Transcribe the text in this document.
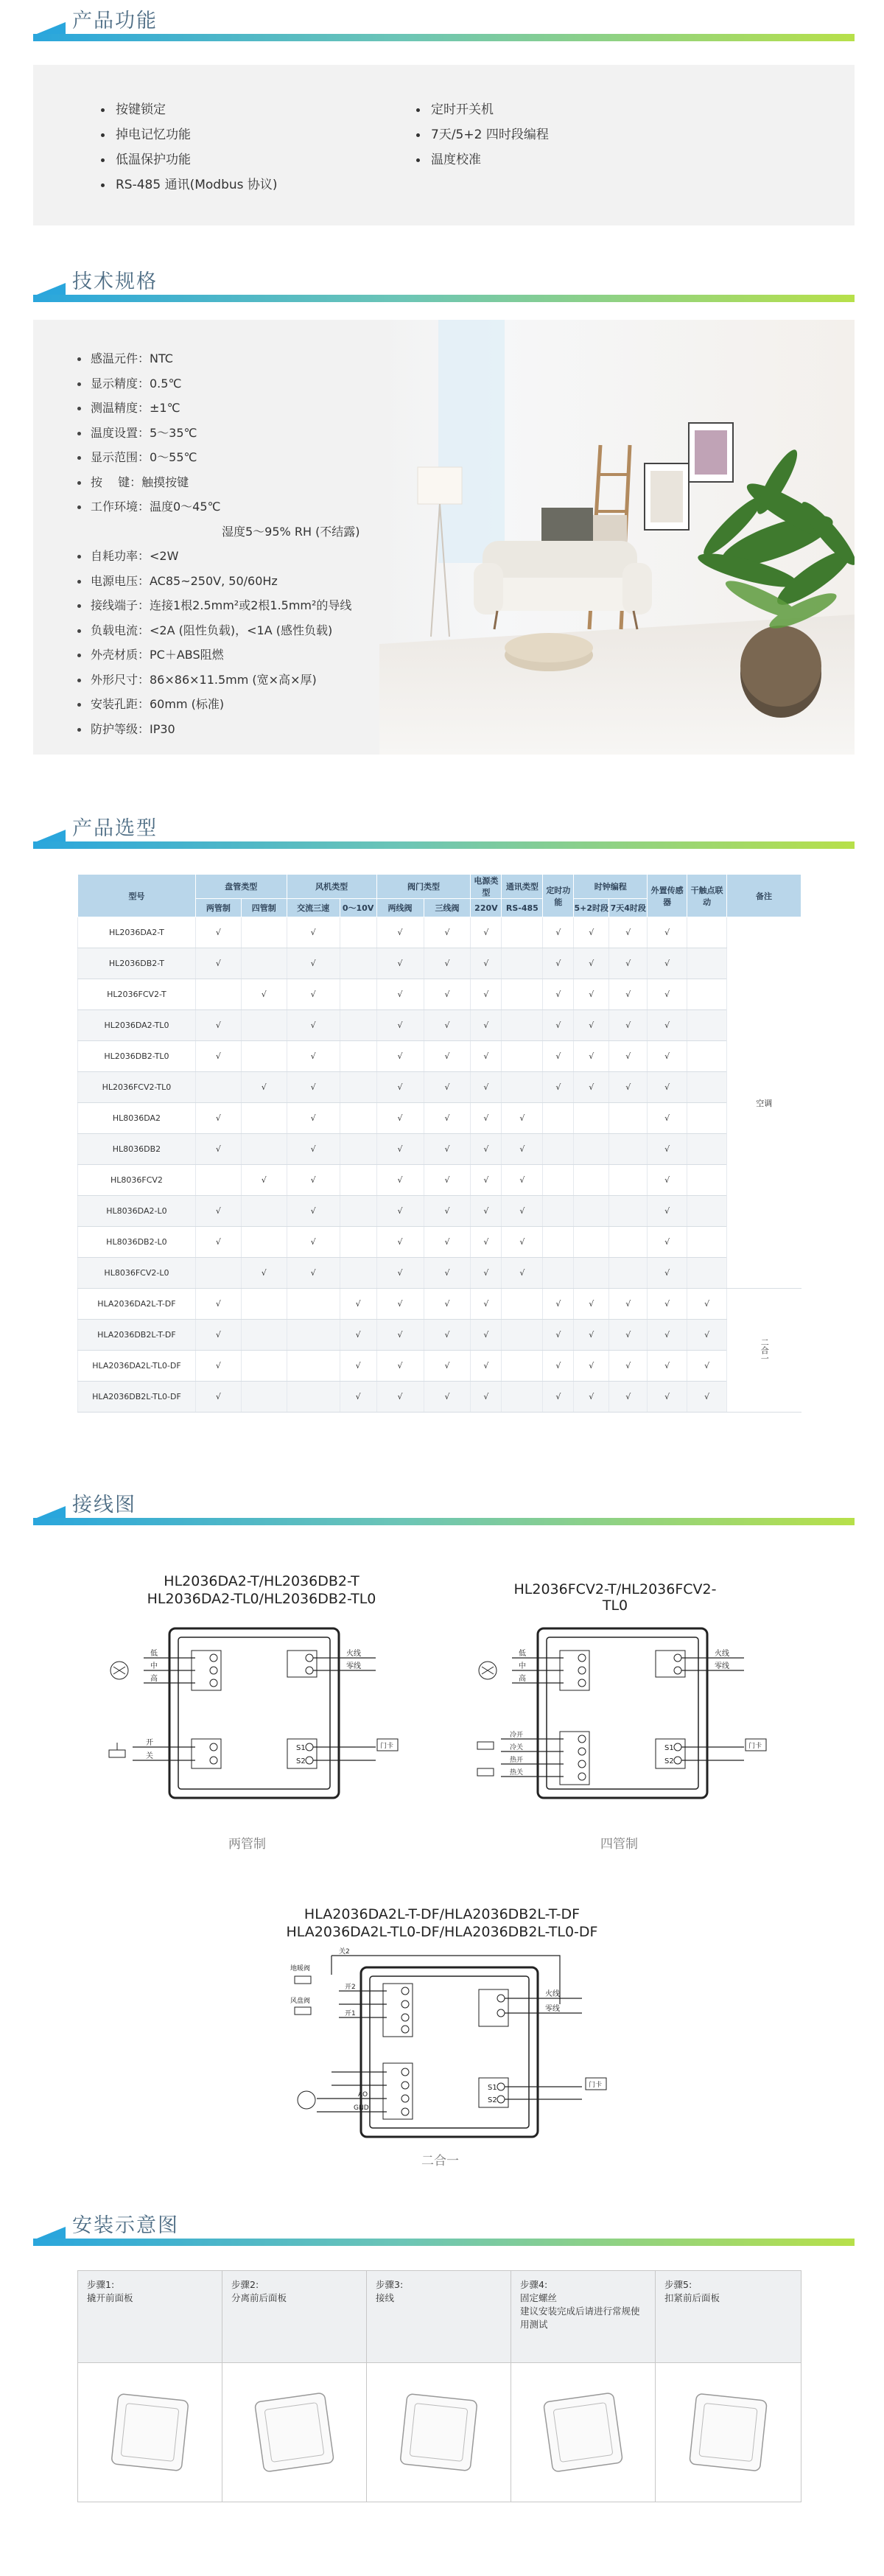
产品功能
按键锁定
掉电记忆功能
低温保护功能
RS-485 通讯(Modbus 协议)
定时开关机
7天/5+2 四时段编程
温度校准
技术规格
感温元件：NTC
显示精度：0.5℃
测温精度：±1℃
温度设置：5〜35℃
显示范围：0〜55℃
按　 键：触摸按键
工作环境：温度0〜45℃
湿度5〜95% RH (不结露)
自耗功率：<2W
电源电压：AC85~250V, 50/60Hz
接线端子：连接1根2.5mm²或2根1.5mm²的导线
负载电流：<2A (阻性负载)，<1A (感性负载)
外壳材质：PC＋ABS阻燃
外形尺寸：86×86×11.5mm (宽×高×厚)
安装孔距：60mm (标准)
防护等级：IP30
产品选型
型号	盘管类型		风机类型		阀门类型		电源类型	通讯类型	定时功能	时钟编程		外置传感器	干触点联动	备注
	两管制	四管制	交流三速	0〜10V	两线阀	三线阀	220V	RS-485		5+2时段	7天4时段			
HL2036DA2-T	√		√		√	√	√		√	√	√	√		空调
HL2036DB2-T	√		√		√	√	√		√	√	√	√		
HL2036FCV2-T		√	√		√	√	√		√	√	√	√		
HL2036DA2-TL0	√		√		√	√	√		√	√	√	√		
HL2036DB2-TL0	√		√		√	√	√		√	√	√	√		
HL2036FCV2-TL0		√	√		√	√	√		√	√	√	√		
HL8036DA2	√		√		√	√	√	√				√		
HL8036DB2	√		√		√	√	√	√				√		
HL8036FCV2		√	√		√	√	√	√				√		
HL8036DA2-L0	√		√		√	√	√	√				√		
HL8036DB2-L0	√		√		√	√	√	√				√		
HL8036FCV2-L0		√	√		√	√	√	√				√		
HLA2036DA2L-T-DF	√			√	√	√	√		√	√	√	√	√	二合一
HLA2036DB2L-T-DF	√			√	√	√	√		√	√	√	√	√	
HLA2036DA2L-TL0-DF	√			√	√	√	√		√	√	√	√	√	
HLA2036DB2L-TL0-DF	√			√	√	√	√		√	√	√	√	√	
接线图
HL2036DA2-T/HL2036DB2-T
HL2036DA2-TL0/HL2036DB2-TL0
HL2036FCV2-T/HL2036FCV2-TL0
低
中
高
开
关
火线
零线
S1
S2
门卡
两管制
低
中
高
冷开
冷关
热开
热关
火线
零线
S1
S2
门卡
四管制
HLA2036DA2L-T-DF/HLA2036DB2L-T-DF
HLA2036DA2L-TL0-DF/HLA2036DB2L-TL0-DF
关2
地暖阀
风盘阀
开2
开1
AO
GND
火线
零线
S1
S2
门卡
二合一
安装示意图
步骤1:
撬开前面板
步骤2:
分离前后面板
步骤3:
接线
步骤4:
固定螺丝
建议安装完成后请进行常规使用测试
步骤5:
扣紧前后面板
